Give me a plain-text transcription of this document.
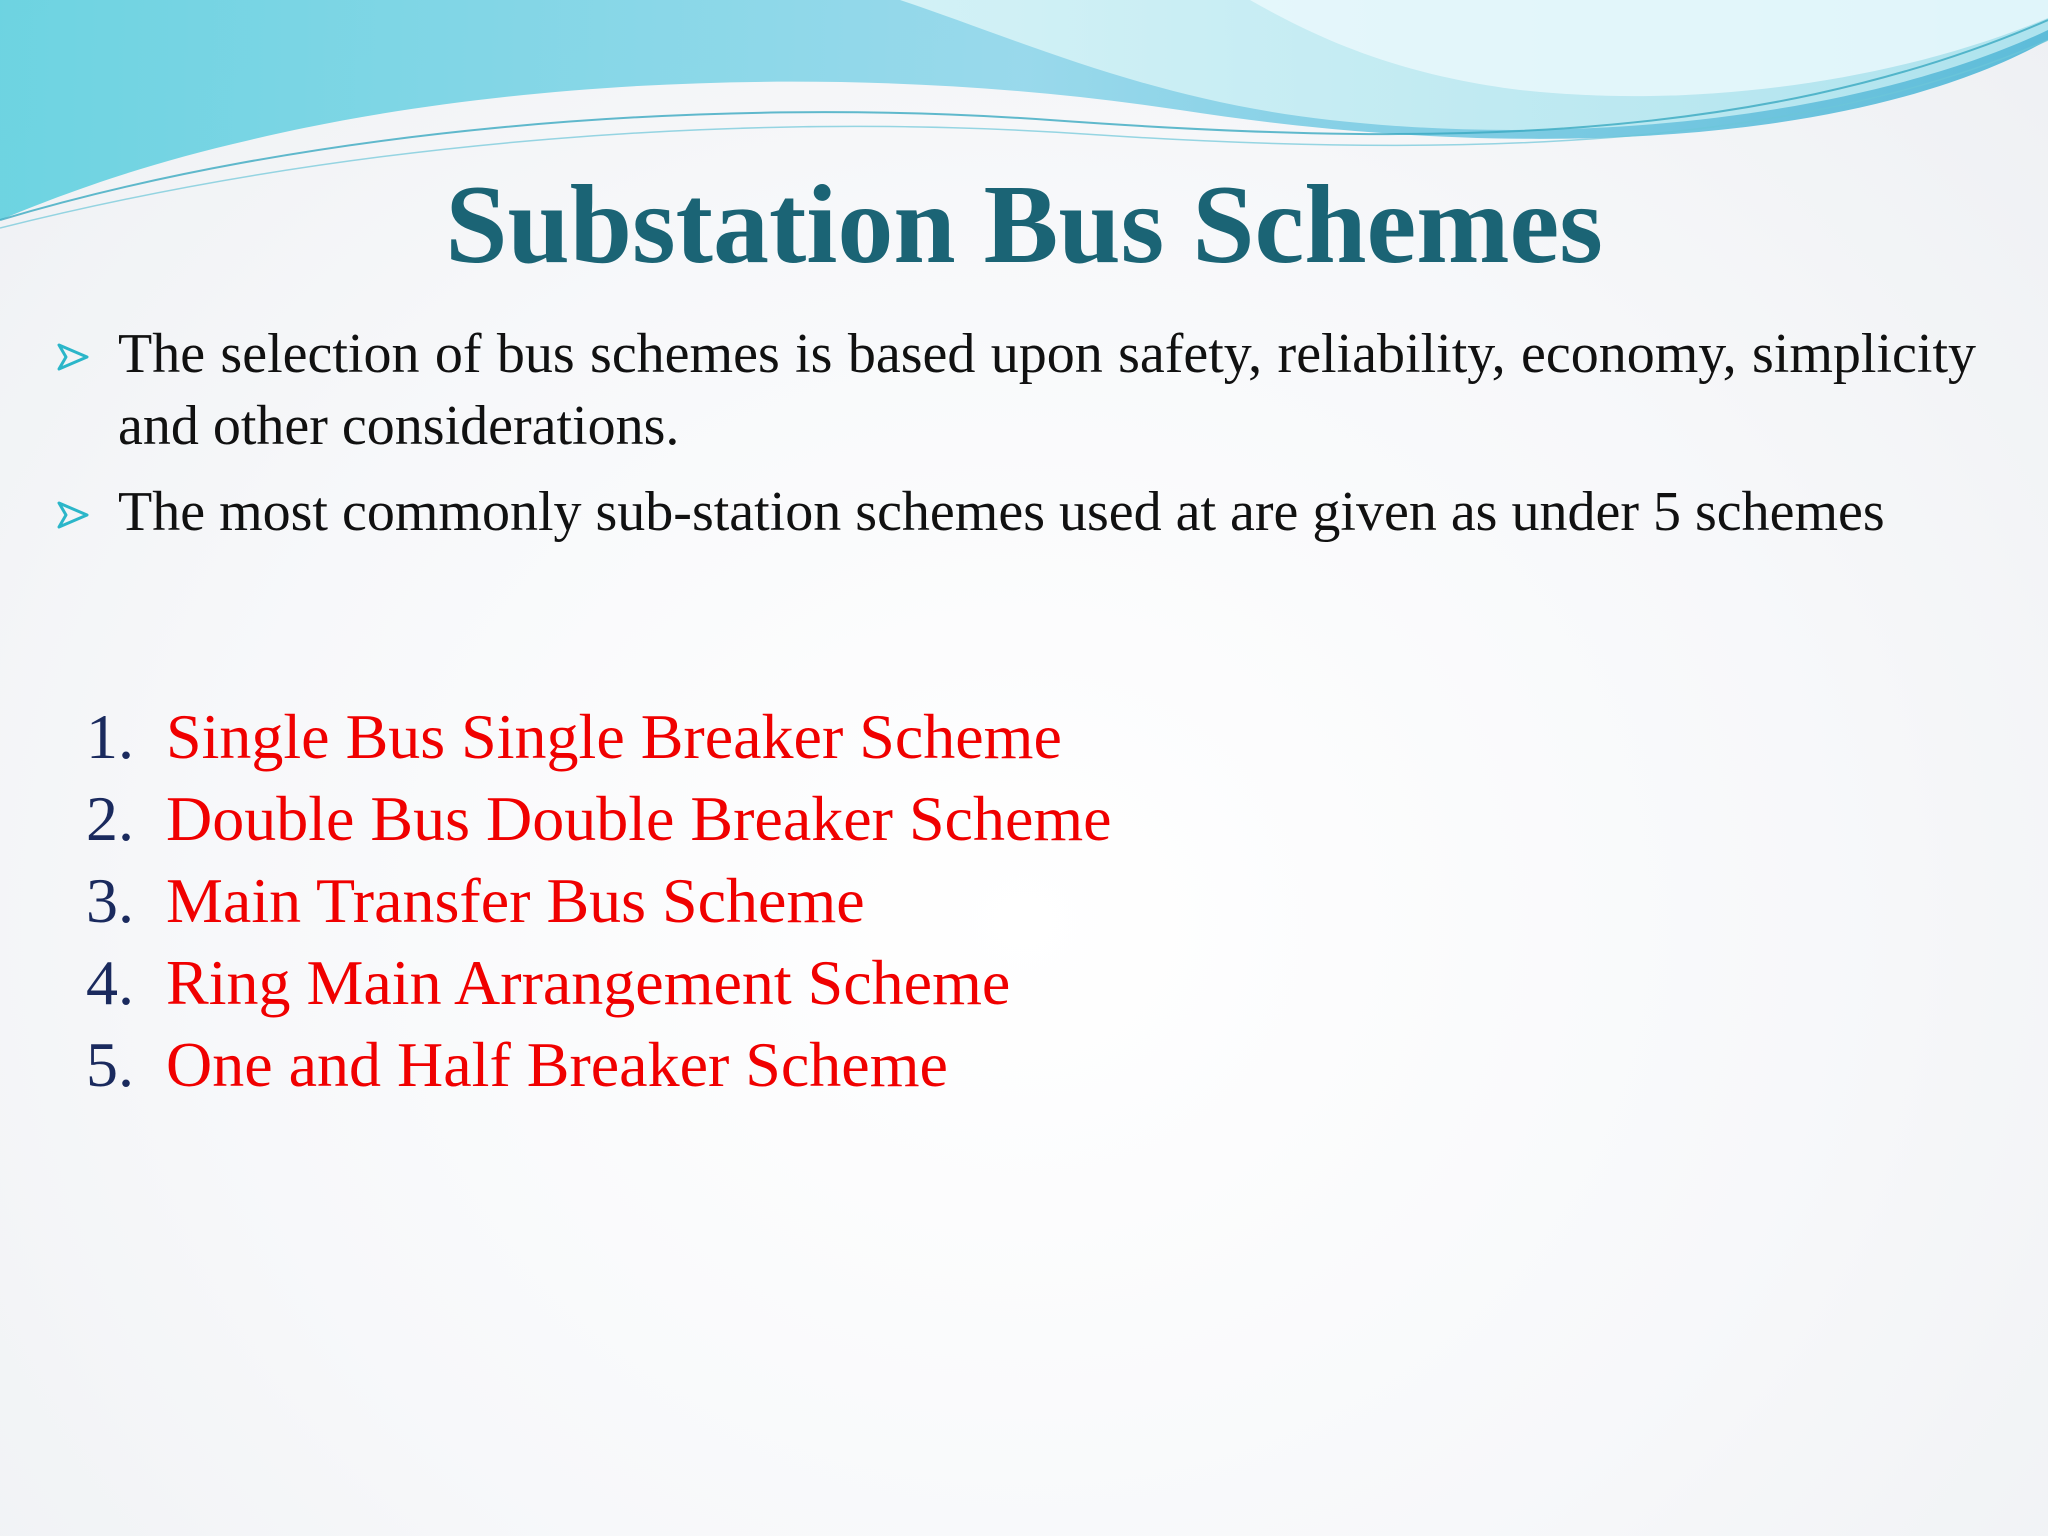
Substation Bus Schemes
The selection of bus schemes is based upon safety, reliability, economy, simplicity and other considerations.
The most commonly sub-station schemes used at are given as under 5 schemes
1. Single Bus Single Breaker Scheme
2. Double Bus Double Breaker Scheme
3. Main Transfer Bus Scheme
4. Ring Main Arrangement Scheme
5. One and Half Breaker Scheme
